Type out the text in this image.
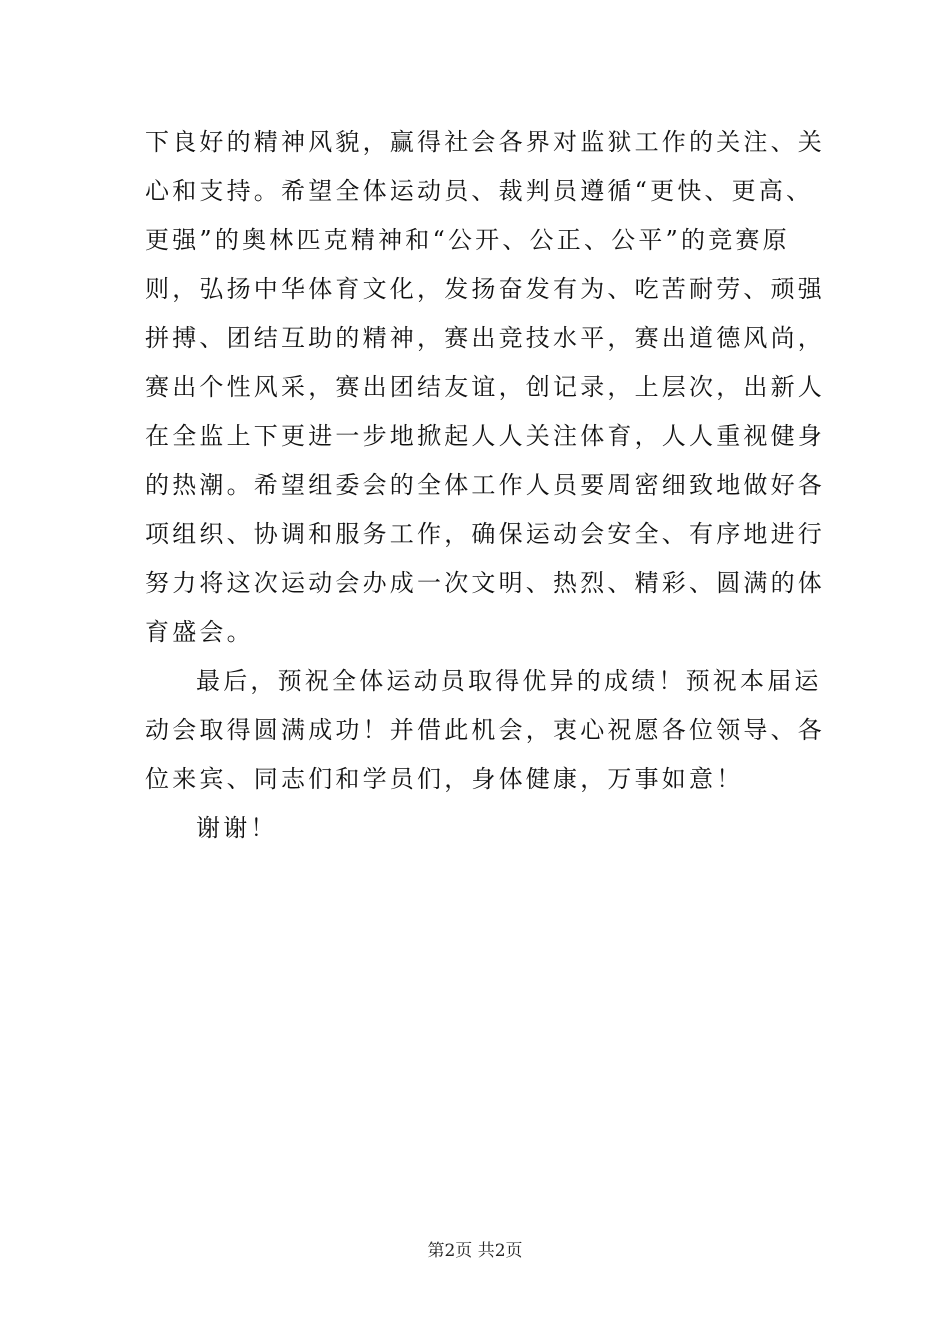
下良好的精神风貌，赢得社会各界对监狱工作的关注、关
心和支持。希望全体运动员、裁判员遵循“更快、更高、
更强”的奥林匹克精神和“公开、公正、公平”的竞赛原
则，弘扬中华体育文化，发扬奋发有为、吃苦耐劳、顽强
拼搏、团结互助的精神，赛出竞技水平，赛出道德风尚，
赛出个性风采，赛出团结友谊，创记录，上层次，出新人
在全监上下更进一步地掀起人人关注体育，人人重视健身
的热潮。希望组委会的全体工作人员要周密细致地做好各
项组织、协调和服务工作，确保运动会安全、有序地进行
努力将这次运动会办成一次文明、热烈、精彩、圆满的体
育盛会。
最后，预祝全体运动员取得优异的成绩！预祝本届运
动会取得圆满成功！并借此机会，衷心祝愿各位领导、各
位来宾、同志们和学员们，身体健康，万事如意！
谢谢！
第2页 共2页
